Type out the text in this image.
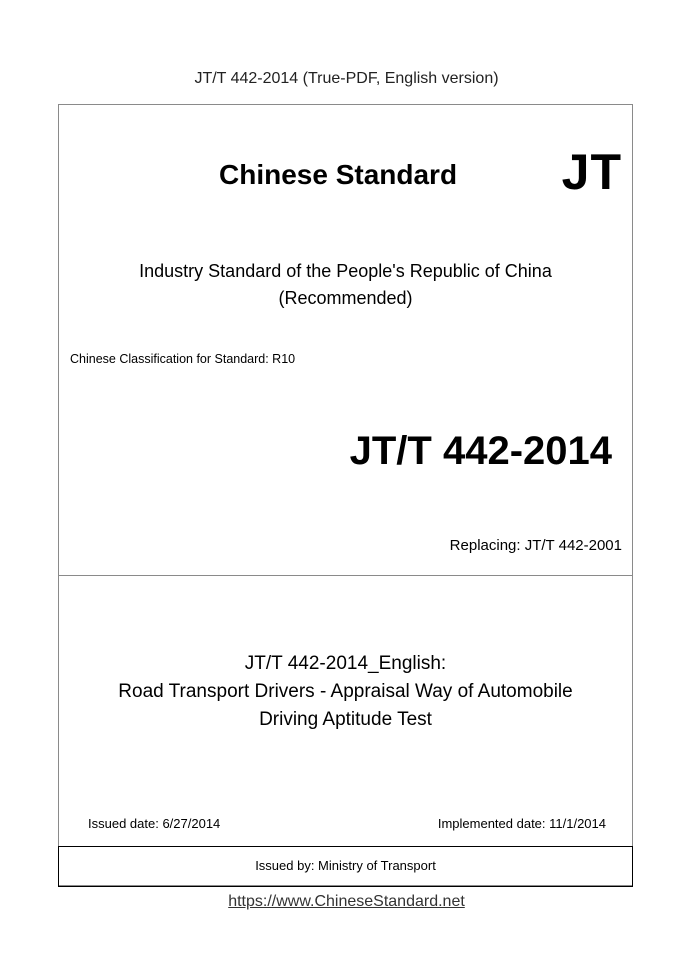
JT/T 442-2014 (True-PDF, English version)
Chinese Standard JT
Industry Standard of the People's Republic of China
(Recommended)
Chinese Classification for Standard: R10
JT/T 442-2014
Replacing: JT/T 442-2001
JT/T 442-2014_English:
Road Transport Drivers - Appraisal Way of Automobile
Driving Aptitude Test
Issued date: 6/27/2014	Implemented date: 11/1/2014
Issued by: Ministry of Transport
https://www.ChineseStandard.net
